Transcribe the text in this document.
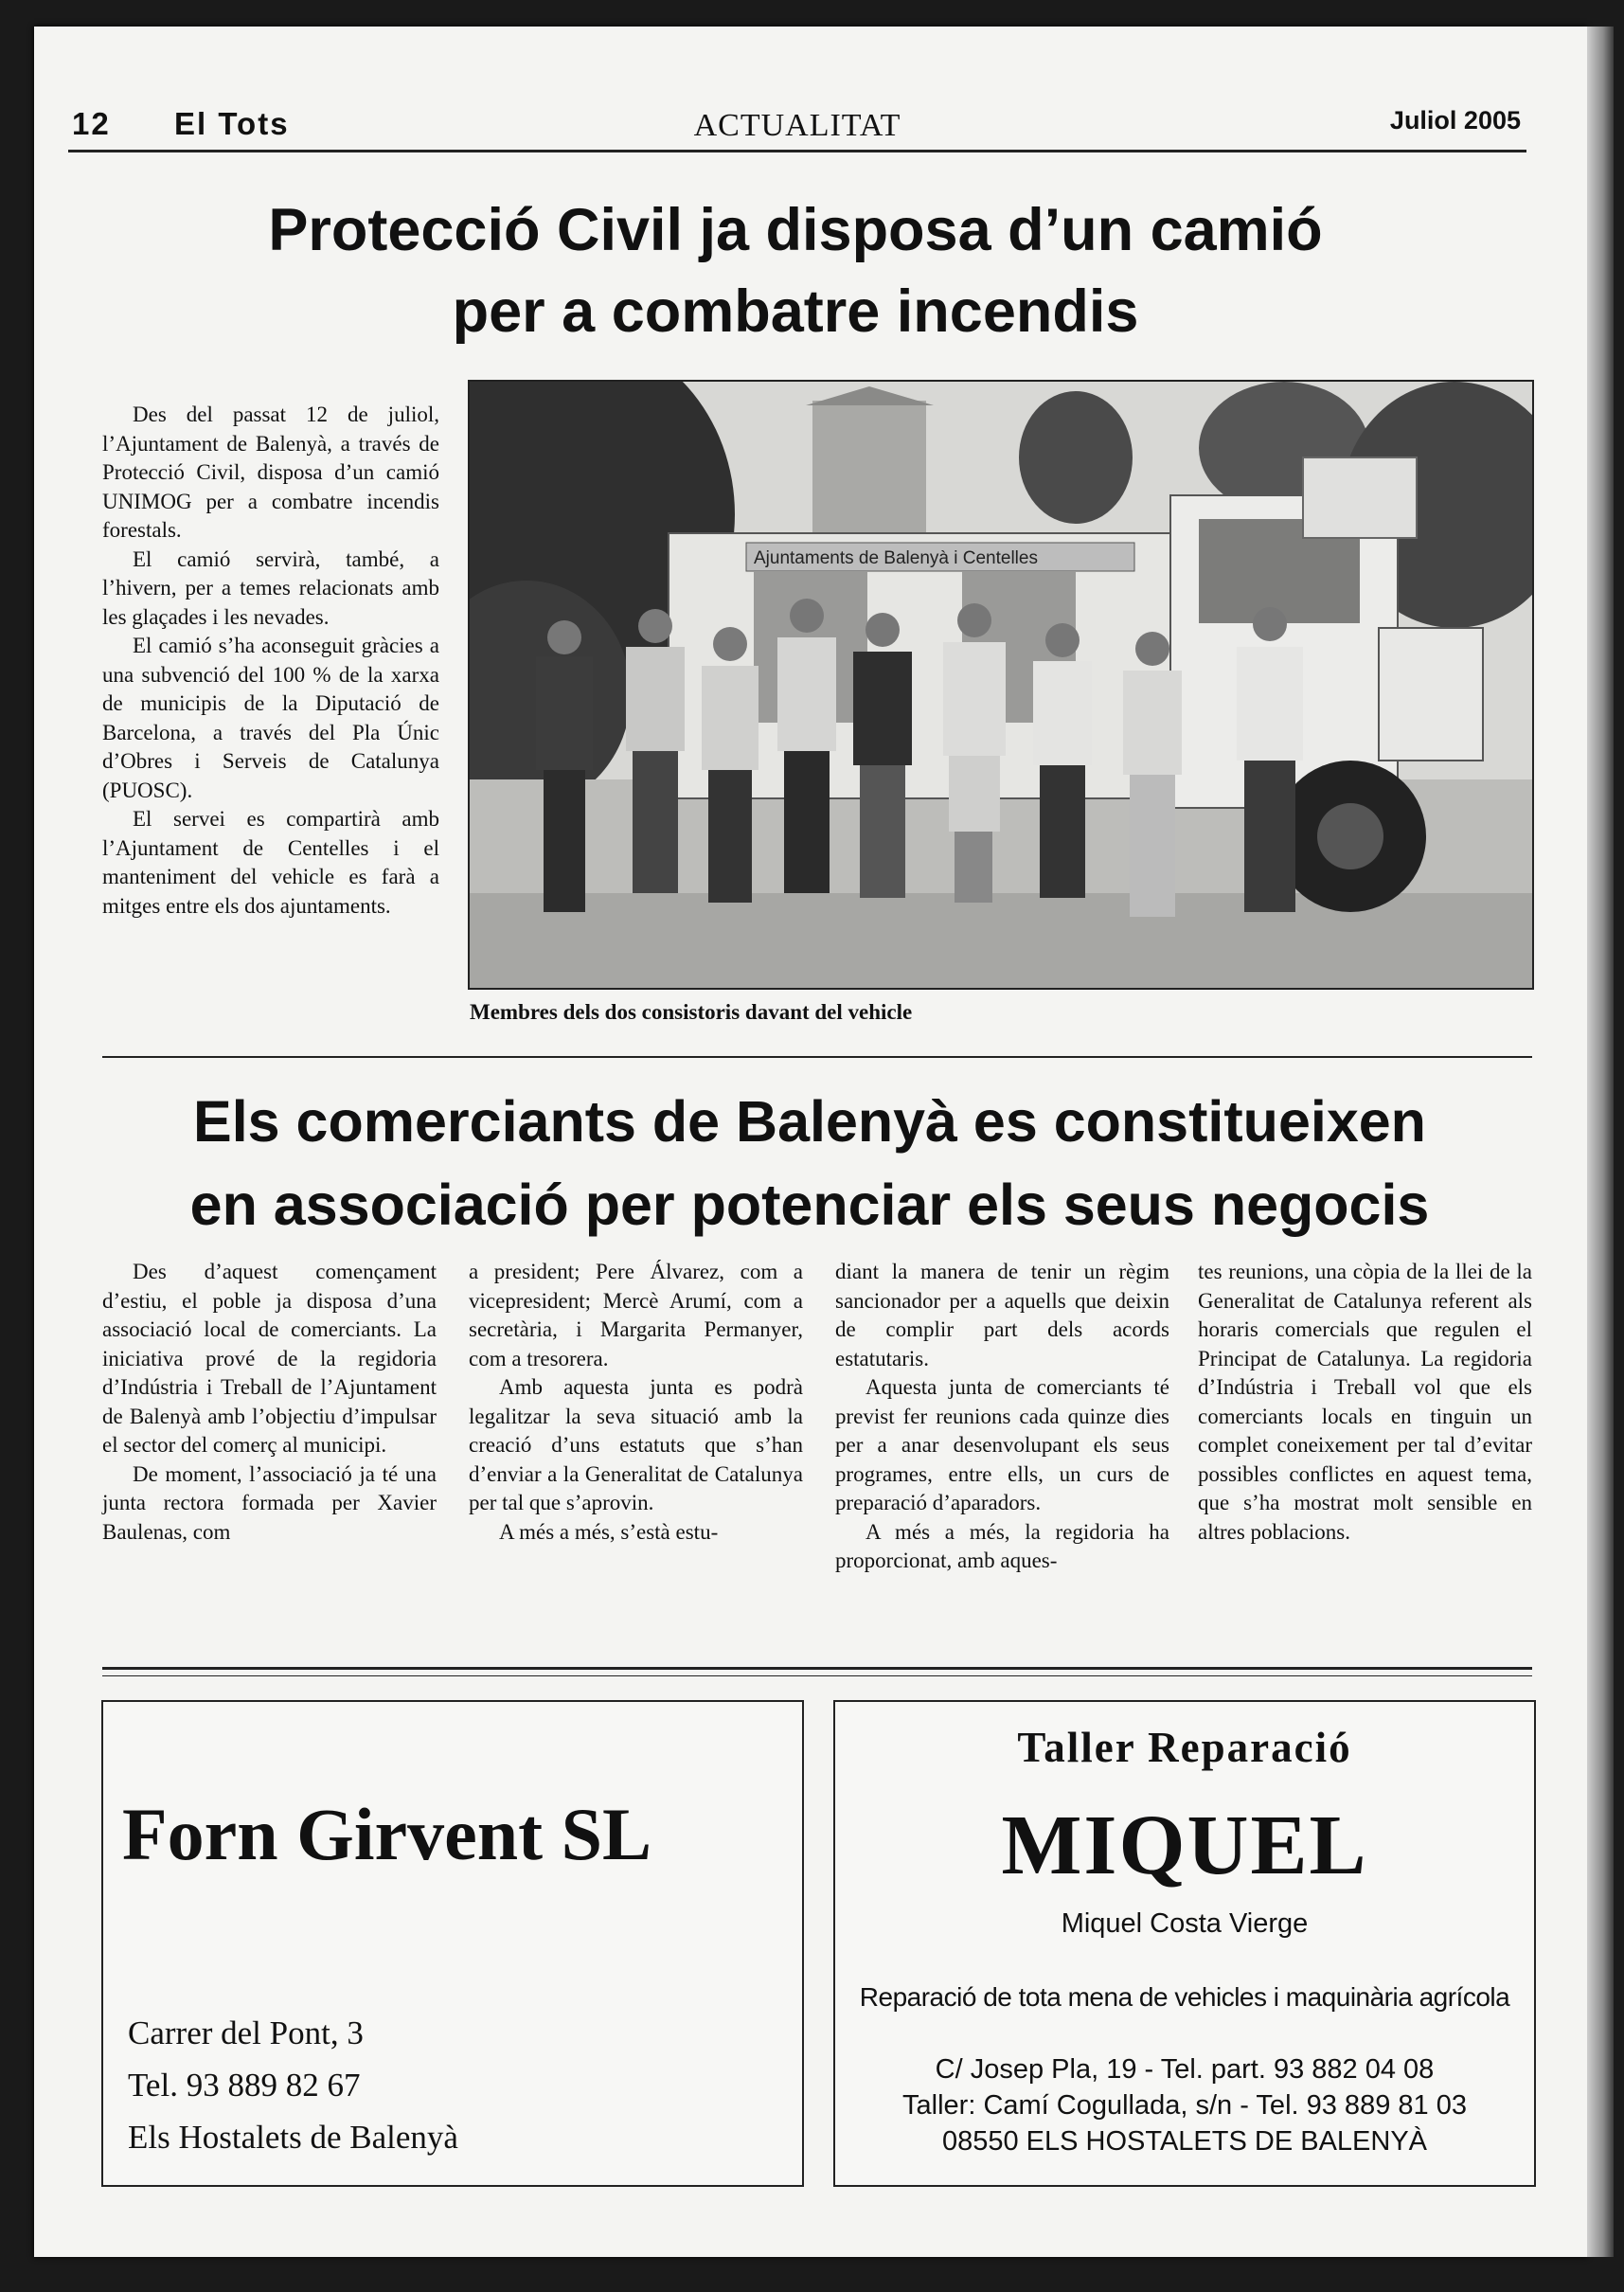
12 El Tots	ACTUALITAT	Juliol 2005
Protecció Civil ja disposa d’un camió
per a combatre incendis

Des del passat 12 de juliol, l’Ajuntament de Balenyà, a través de Protecció Civil, disposa d’un camió UNIMOG per a combatre incendis forestals.

El camió servirà, també, a l’hivern, per a temes relacionats amb les glaçades i les nevades.

El camió s’ha aconseguit gràcies a una subvenció del 100 % de la xarxa de municipis de la Diputació de Barcelona, a través del Pla Únic d’Obres i Serveis de Catalunya (PUOSC).

El servei es compartirà amb l’Ajuntament de Centelles i el manteniment del vehicle es farà a mitges entre els dos ajuntaments.

Ajuntaments de Balenyà i Centelles
Membres dels dos consistoris davant del vehicle
Els comerciants de Balenyà es constitueixen
en associació per potenciar els seus negocis

Des d’aquest començament d’estiu, el poble ja disposa d’una associació local de comerciants. La iniciativa prové de la regidoria d’Indústria i Treball de l’Ajuntament de Balenyà amb l’objectiu d’impulsar el sector del comerç al municipi.

De moment, l’associació ja té una junta rectora formada per Xavier Baulenas, com

a president; Pere Álvarez, com a vicepresident; Mercè Arumí, com a secretària, i Margarita Permanyer, com a tresorera.

Amb aquesta junta es podrà legalitzar la seva situació amb la creació d’uns estatuts que s’han d’enviar a la Generalitat de Catalunya per tal que s’aprovin.

A més a més, s’està estu-

diant la manera de tenir un règim sancionador per a aquells que deixin de complir part dels acords estatutaris.

Aquesta junta de comerciants té previst fer reunions cada quinze dies per a anar desenvolupant els seus programes, entre ells, un curs de preparació d’aparadors.

A més a més, la regidoria ha proporcionat, amb aques-

tes reunions, una còpia de la llei de la Generalitat de Catalunya referent als horaris comercials que regulen el Principat de Catalunya. La regidoria d’Indústria i Treball vol que els comerciants locals en tinguin un complet coneixement per tal d’evitar possibles conflictes en aquest tema, que s’ha mostrat molt sensible en altres poblacions.

Forn Girvent SL
Carrer del Pont, 3
Tel. 93 889 82 67
Els Hostalets de Balenyà
Taller Reparació
MIQUEL
Miquel Costa Vierge
Reparació de tota mena de vehicles i maquinària agrícola
C/ Josep Pla, 19 - Tel. part. 93 882 04 08
Taller: Camí Cogullada, s/n - Tel. 93 889 81 03
08550 ELS HOSTALETS DE BALENYÀ
